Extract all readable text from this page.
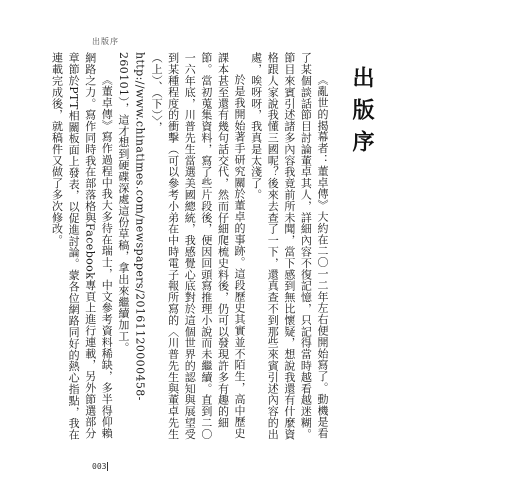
出版序
出版序

《亂世的揭幕者：董卓傳》大約在二〇一二年左右便開始寫了。動機是看了某個談話節目討論董卓其人，詳細內容不復記憶，只記得當時越看越迷糊。節目來賓引述諸多內容我竟前所未聞，當下感到無比懷疑，想說我還有什麼資格跟人家說我懂三國呢？後來去查了一下，還真查不到那些來賓引述內容的出處，唉呀呀，我真是太淺了。

於是我開始著手研究關於董卓的事跡。這段歷史其實並不陌生，高中歷史課本甚至還有幾句話交代，然而仔細爬梳史料後，仍可以發現許多有趣的細節。當初蒐集資料，寫了些片段後，便因回頭寫推理小說而未繼續。直到二〇一六年底，川普先生當選美國總統，我感覺心底對於這個世界的認知與展望受到某種程度的衝擊（可以參考小弟在中時電子報所寫的〈川普先生與董卓先生（上）、（下）〉，http://www.chinatimes.com/newspapers/20161120000458-260101），這才想到硬碟深處這份草稿，拿出來繼續加工。

《董卓傳》寫作過程中我大多待在瑞士，中文參考資料稀缺，多半得仰賴網路之力。寫作同時我在部落格與Facebook專頁上進行連載，另外節選部分章節於PTT相關板面上發表，以促進討論。蒙各位網路同好的熱心指點，我在連載完成後，就稿件又做了多次修改。

003
